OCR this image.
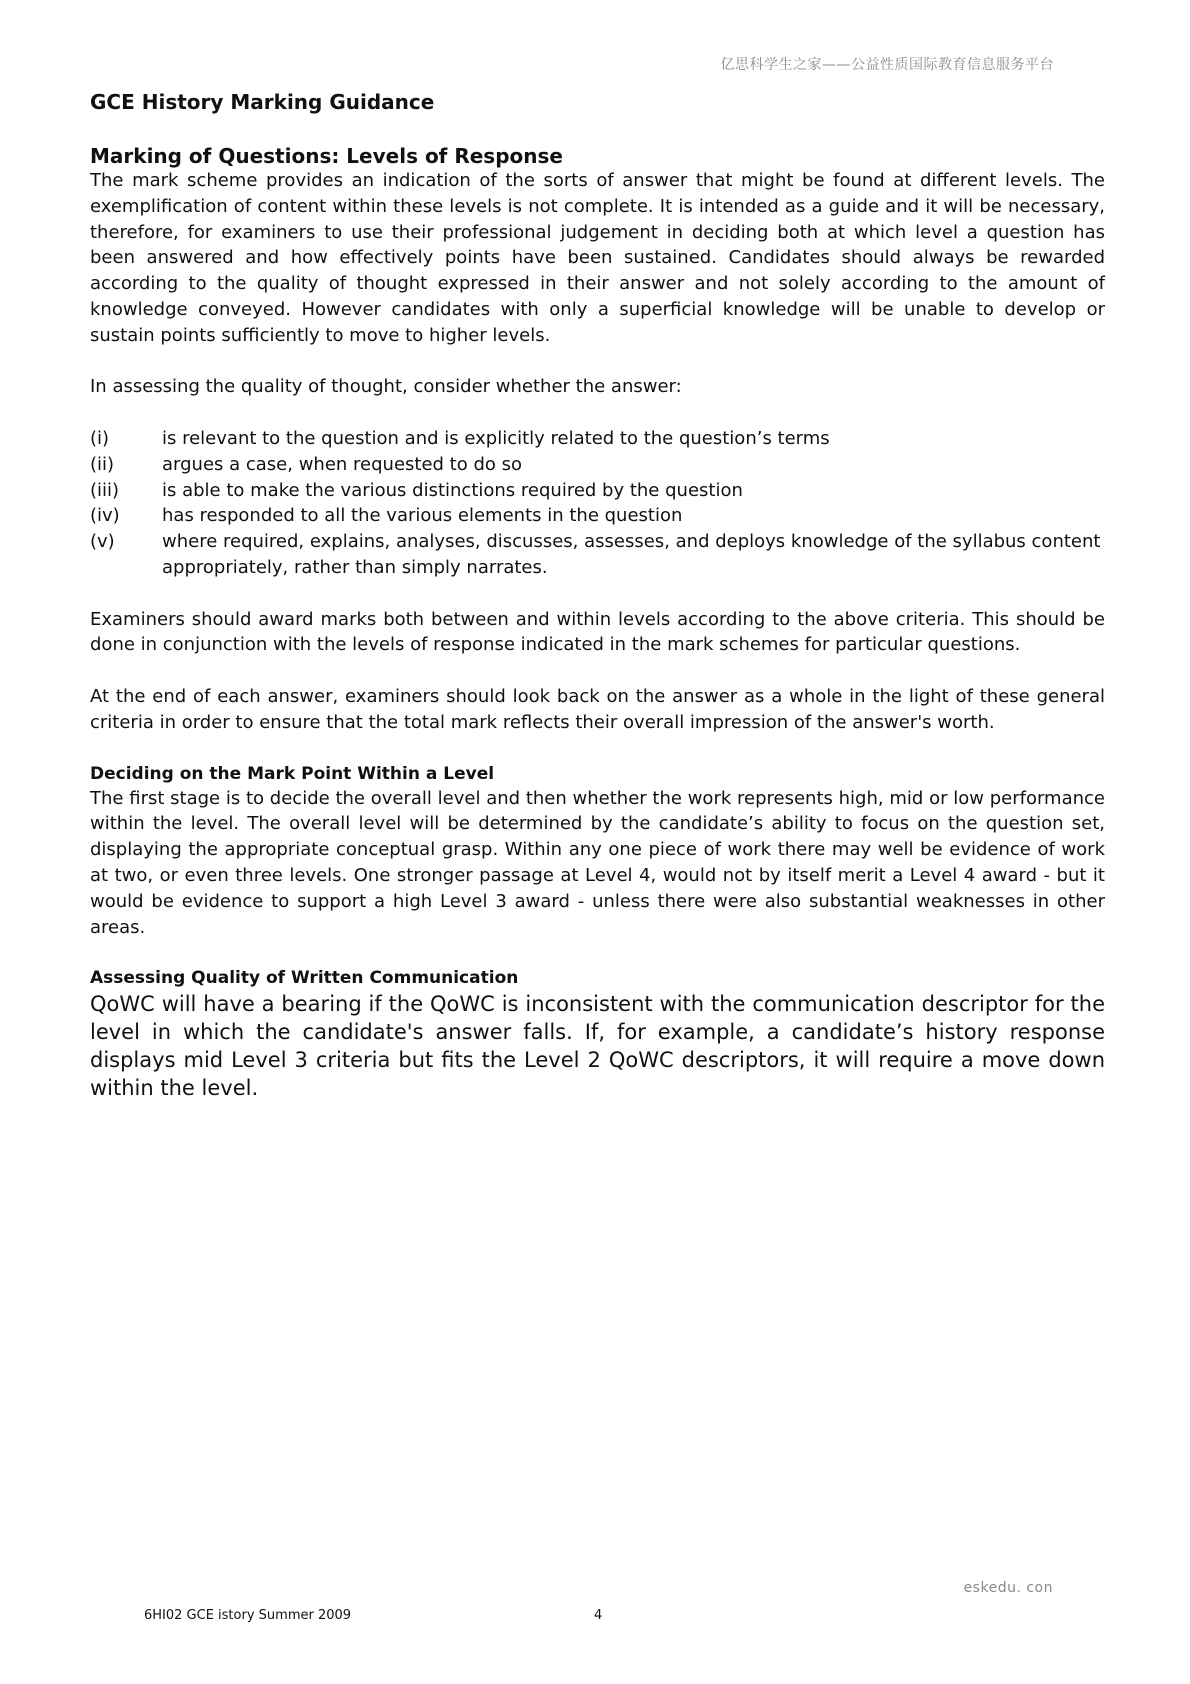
亿思科学生之家——公益性质国际教育信息服务平台
GCE History Marking Guidance
Marking of Questions: Levels of Response

The mark scheme provides an indication of the sorts of answer that might be found at different levels. The exemplification of content within these levels is not complete. It is intended as a guide and it will be necessary, therefore, for examiners to use their professional judgement in deciding both at which level a question has been answered and how effectively points have been sustained. Candidates should always be rewarded according to the quality of thought expressed in their answer and not solely according to the amount of knowledge conveyed. However candidates with only a superficial knowledge will be unable to develop or sustain points sufficiently to move to higher levels.

In assessing the quality of thought, consider whether the answer:

(i)	is relevant to the question and is explicitly related to the question’s terms
(ii)	argues a case, when requested to do so
(iii)	is able to make the various distinctions required by the question
(iv)	has responded to all the various elements in the question
(v)	where required, explains, analyses, discusses, assesses, and deploys knowledge of the syllabus content appropriately, rather than simply narrates.

Examiners should award marks both between and within levels according to the above criteria. This should be done in conjunction with the levels of response indicated in the mark schemes for particular questions.

At the end of each answer, examiners should look back on the answer as a whole in the light of these general criteria in order to ensure that the total mark reflects their overall impression of the answer's worth.

Deciding on the Mark Point Within a Level

The first stage is to decide the overall level and then whether the work represents high, mid or low performance within the level. The overall level will be determined by the candidate’s ability to focus on the question set, displaying the appropriate conceptual grasp. Within any one piece of work there may well be evidence of work at two, or even three levels. One stronger passage at Level 4, would not by itself merit a Level 4 award - but it would be evidence to support a high Level 3 award - unless there were also substantial weaknesses in other areas.

Assessing Quality of Written Communication

QoWC will have a bearing if the QoWC is inconsistent with the communication descriptor for the level in which the candidate's answer falls. If, for example, a candidate’s history response displays mid Level 3 criteria but fits the Level 2 QoWC descriptors, it will require a move down within the level.

eskedu. con
6HI02 GCE istory Summer 2009	4
